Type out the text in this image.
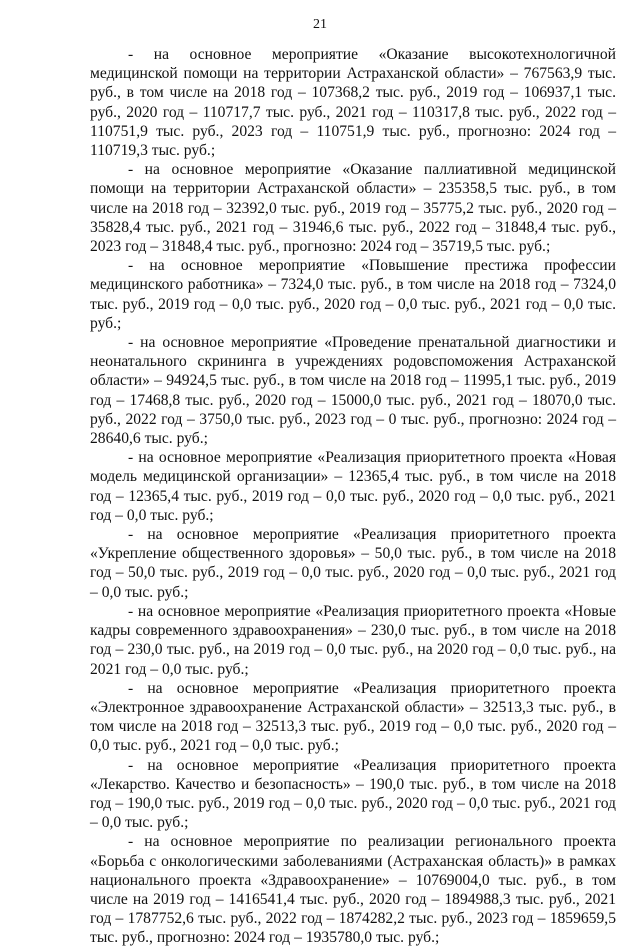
21

- на основное мероприятие «Оказание высокотехнологичной медицинской помощи на территории Астраханской области» – 767563,9 тыс. руб., в том числе на 2018 год – 107368,2 тыс. руб., 2019 год – 106937,1 тыс. руб., 2020 год – 110717,7 тыс. руб., 2021 год – 110317,8 тыс. руб., 2022 год – 110751,9 тыс. руб., 2023 год – 110751,9 тыс. руб., прогнозно: 2024 год – 110719,3 тыс. руб.;

- на основное мероприятие «Оказание паллиативной медицинской помощи на территории Астраханской области» – 235358,5 тыс. руб., в том числе на 2018 год – 32392,0 тыс. руб., 2019 год – 35775,2 тыс. руб., 2020 год – 35828,4 тыс. руб., 2021 год – 31946,6 тыс. руб., 2022 год – 31848,4 тыс. руб., 2023 год – 31848,4 тыс. руб., прогнозно: 2024 год – 35719,5 тыс. руб.;

- на основное мероприятие «Повышение престижа профессии медицинского работника» – 7324,0 тыс. руб., в том числе на 2018 год – 7324,0 тыс. руб., 2019 год – 0,0 тыс. руб., 2020 год – 0,0 тыс. руб., 2021 год – 0,0 тыс. руб.;

- на основное мероприятие «Проведение пренатальной диагностики и неонатального скрининга в учреждениях родовспоможения Астраханской области» – 94924,5 тыс. руб., в том числе на 2018 год – 11995,1 тыс. руб., 2019 год – 17468,8 тыс. руб., 2020 год – 15000,0 тыс. руб., 2021 год – 18070,0 тыс. руб., 2022 год – 3750,0 тыс. руб., 2023 год – 0 тыс. руб., прогнозно: 2024 год – 28640,6 тыс. руб.;

- на основное мероприятие «Реализация приоритетного проекта «Новая модель медицинской организации» – 12365,4 тыс. руб., в том числе на 2018 год – 12365,4 тыс. руб., 2019 год – 0,0 тыс. руб., 2020 год – 0,0 тыс. руб., 2021 год – 0,0 тыс. руб.;

- на основное мероприятие «Реализация приоритетного проекта «Укрепление общественного здоровья» – 50,0 тыс. руб., в том числе на 2018 год – 50,0 тыс. руб., 2019 год – 0,0 тыс. руб., 2020 год – 0,0 тыс. руб., 2021 год – 0,0 тыс. руб.;

- на основное мероприятие «Реализация приоритетного проекта «Новые кадры современного здравоохранения» – 230,0 тыс. руб., в том числе на 2018 год – 230,0 тыс. руб., на 2019 год – 0,0 тыс. руб., на 2020 год – 0,0 тыс. руб., на 2021 год – 0,0 тыс. руб.;

- на основное мероприятие «Реализация приоритетного проекта «Электронное здравоохранение Астраханской области» – 32513,3 тыс. руб., в том числе на 2018 год – 32513,3 тыс. руб., 2019 год – 0,0 тыс. руб., 2020 год – 0,0 тыс. руб., 2021 год – 0,0 тыс. руб.;

- на основное мероприятие «Реализация приоритетного проекта «Лекарство. Качество и безопасность» – 190,0 тыс. руб., в том числе на 2018 год – 190,0 тыс. руб., 2019 год – 0,0 тыс. руб., 2020 год – 0,0 тыс. руб., 2021 год – 0,0 тыс. руб.;

- на основное мероприятие по реализации регионального проекта «Борьба с онкологическими заболеваниями (Астраханская область)» в рамках национального проекта «Здравоохранение» – 10769004,0 тыс. руб., в том числе на 2019 год – 1416541,4 тыс. руб., 2020 год – 1894988,3 тыс. руб., 2021 год – 1787752,6 тыс. руб., 2022 год – 1874282,2 тыс. руб., 2023 год – 1859659,5 тыс. руб., прогнозно: 2024 год – 1935780,0 тыс. руб.;
